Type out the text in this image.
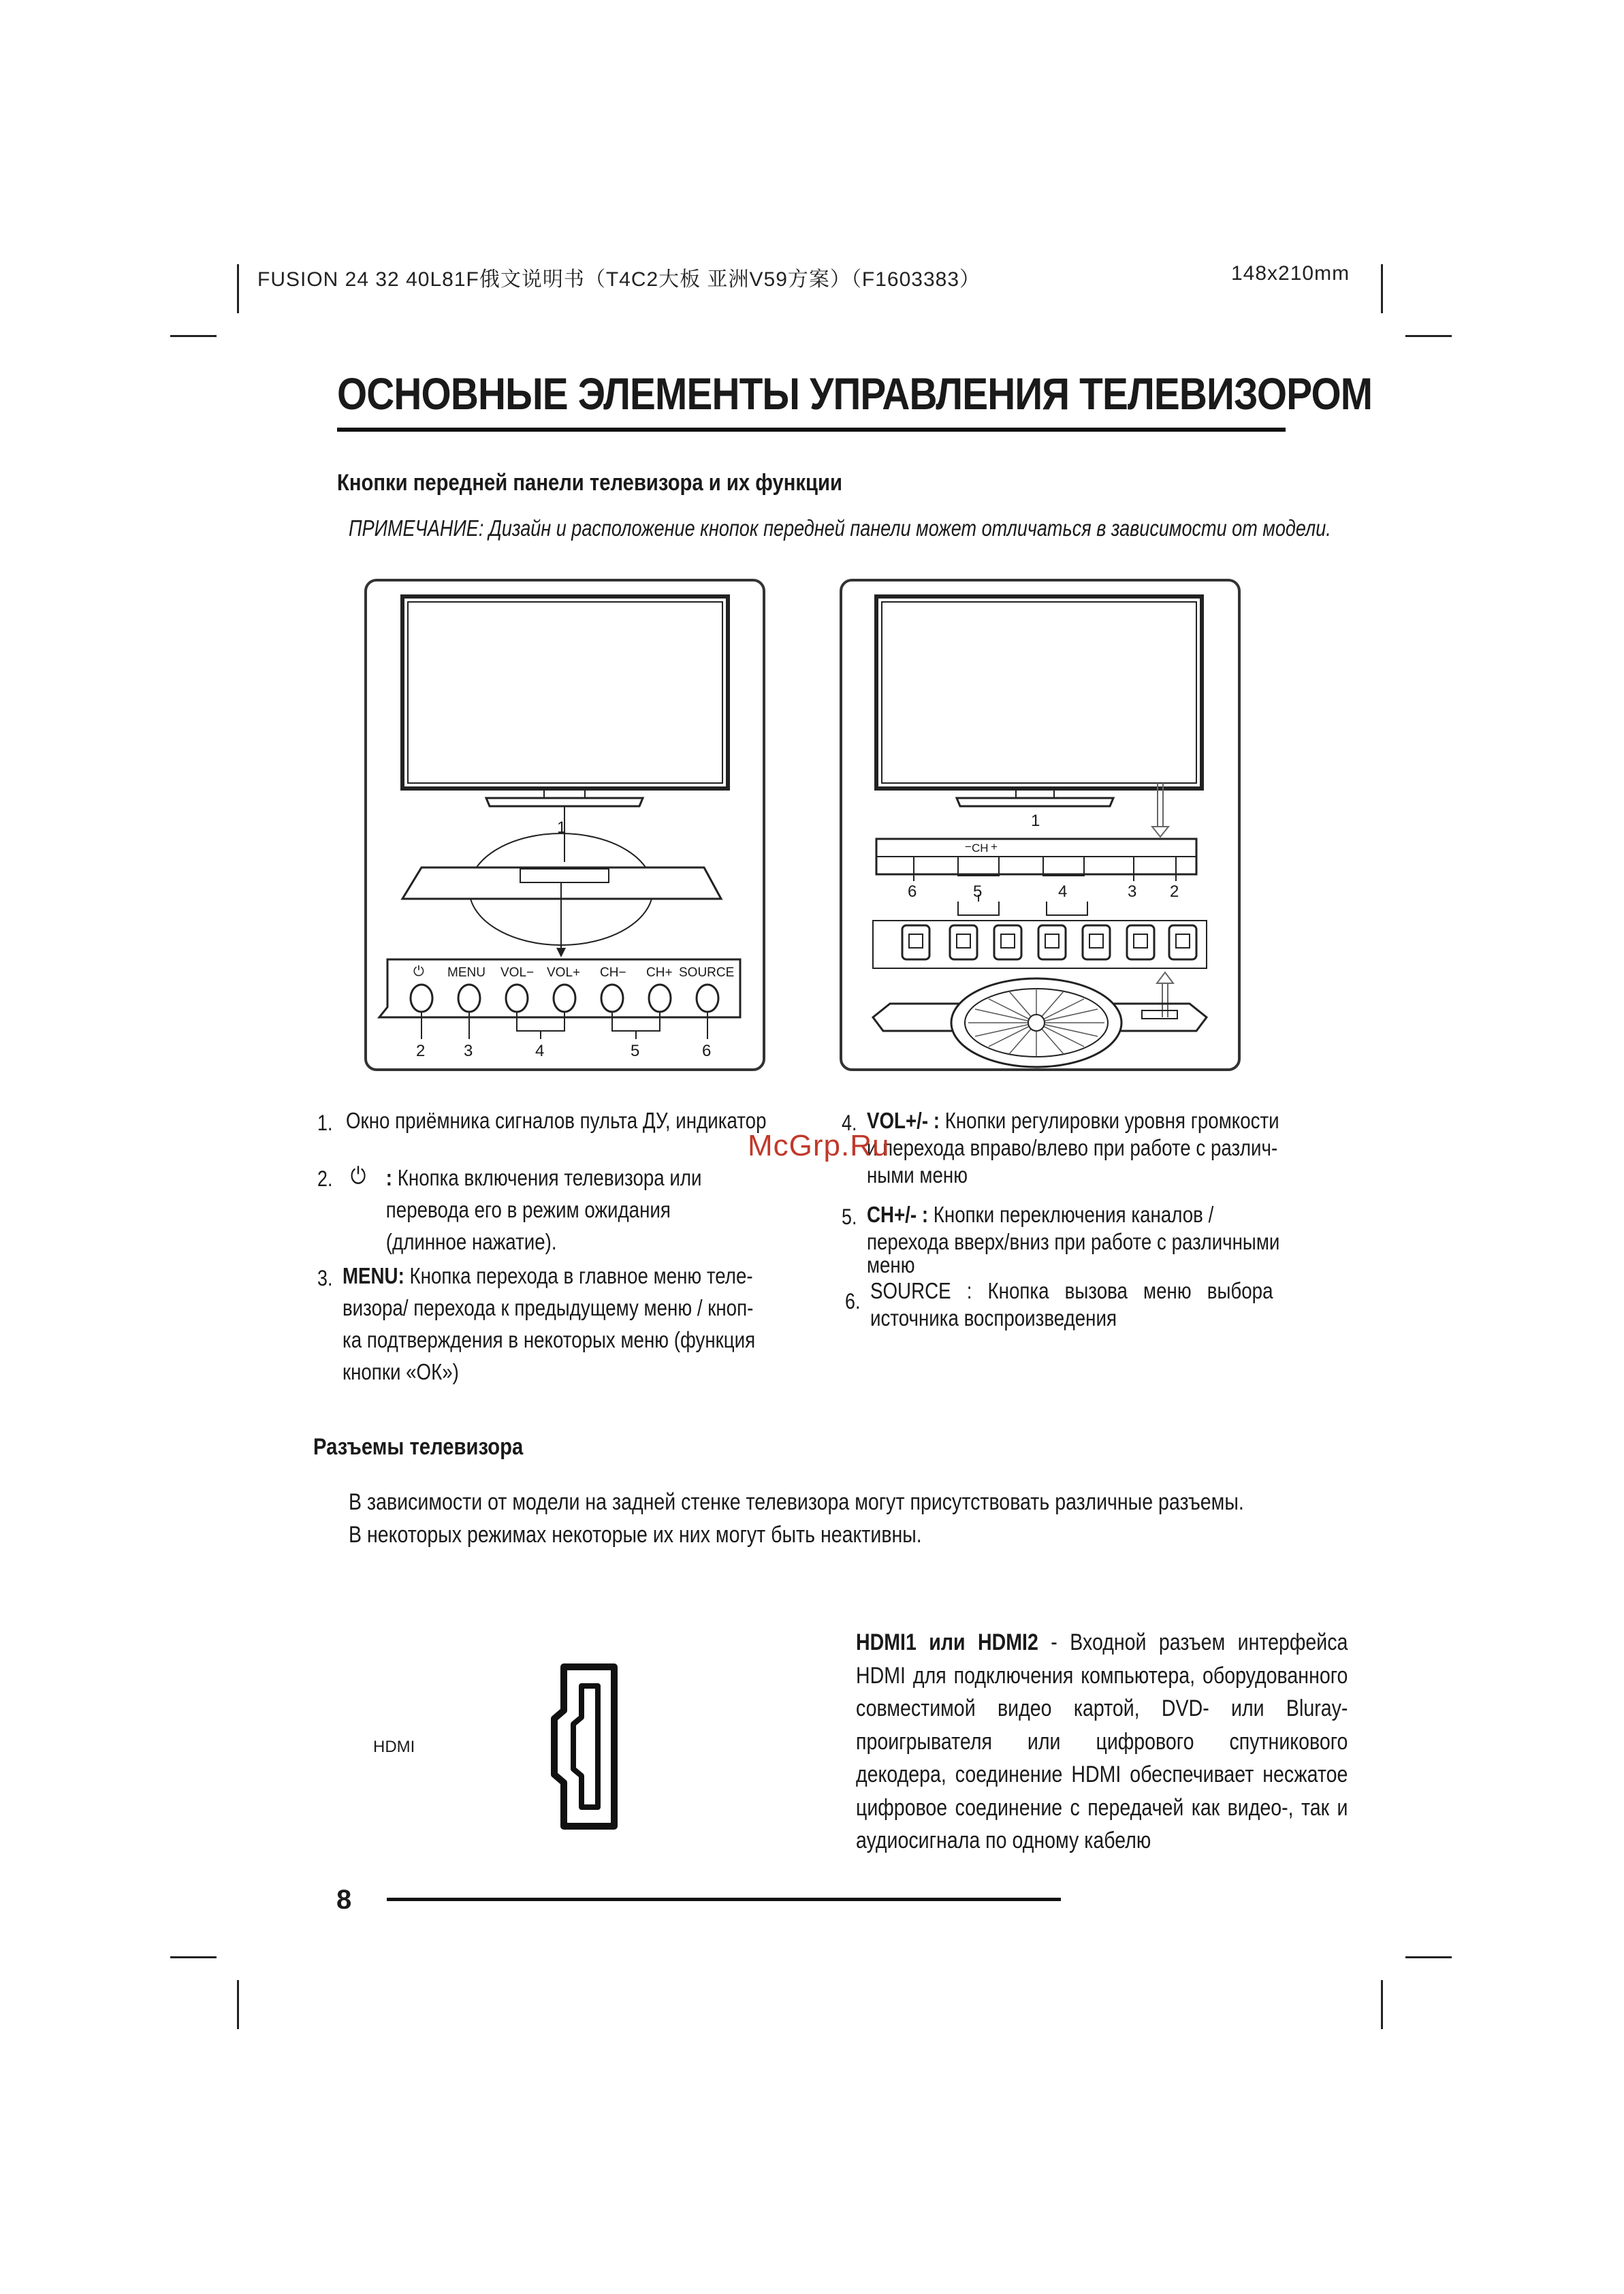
FUSION 24 32 40L81F俄文说明书（T4C2大板 亚洲V59方案）（F1603383）	148x210mm
ОСНОВНЫЕ ЭЛЕМЕНТЫ УПРАВЛЕНИЯ ТЕЛЕВИЗОРОМ
Кнопки передней панели телевизора и их функции
ПРИМЕЧАНИЕ: Дизайн и расположение кнопок передней панели может отличаться в зависимости от модели.
1
⏻ MENU VOL− VOL+ CH− CH+ SOURCE
2 3	4	5	6
1
− CH +
6	5	4	3 2
1. Окно приёмника сигналов пульта ДУ, индикатор
2. ⏻ : Кнопка включения телевизора или
перевода его в режим ожидания
(длинное нажатие).
3. MENU: Кнопка перехода в главное меню теле-
визора/ перехода к предыдущему меню / кноп-
ка подтверждения в некоторых меню (функция
кнопки «ОК»)
4. VOL+/- : Кнопки регулировки уровня громкости
и перехода вправо/влево при работе с различ-
ными меню
5. CH+/- : Кнопки переключения каналов /
перехода вверх/вниз при работе с различными
меню
6. SOURCE   :   Кнопка   вызова   меню   выбора
источника воспроизведения
McGrp.Ru
Разъемы телевизора
В зависимости от модели на задней стенке телевизора могут присутствовать различные разъемы.
В некоторых режимах некоторые их них могут быть неактивны.
HDMI
HDMI1 или HDMI2 - Входной разъем интерфейса HDMI для подключения компьютера, оборудованного совместимой видео картой, DVD- или Bluray-проигрывателя или цифрового спутникового декодера, соединение HDMI обеспечивает несжатое цифровое соединение с передачей как видео-, так и аудиосигнала по одному кабелю
8
